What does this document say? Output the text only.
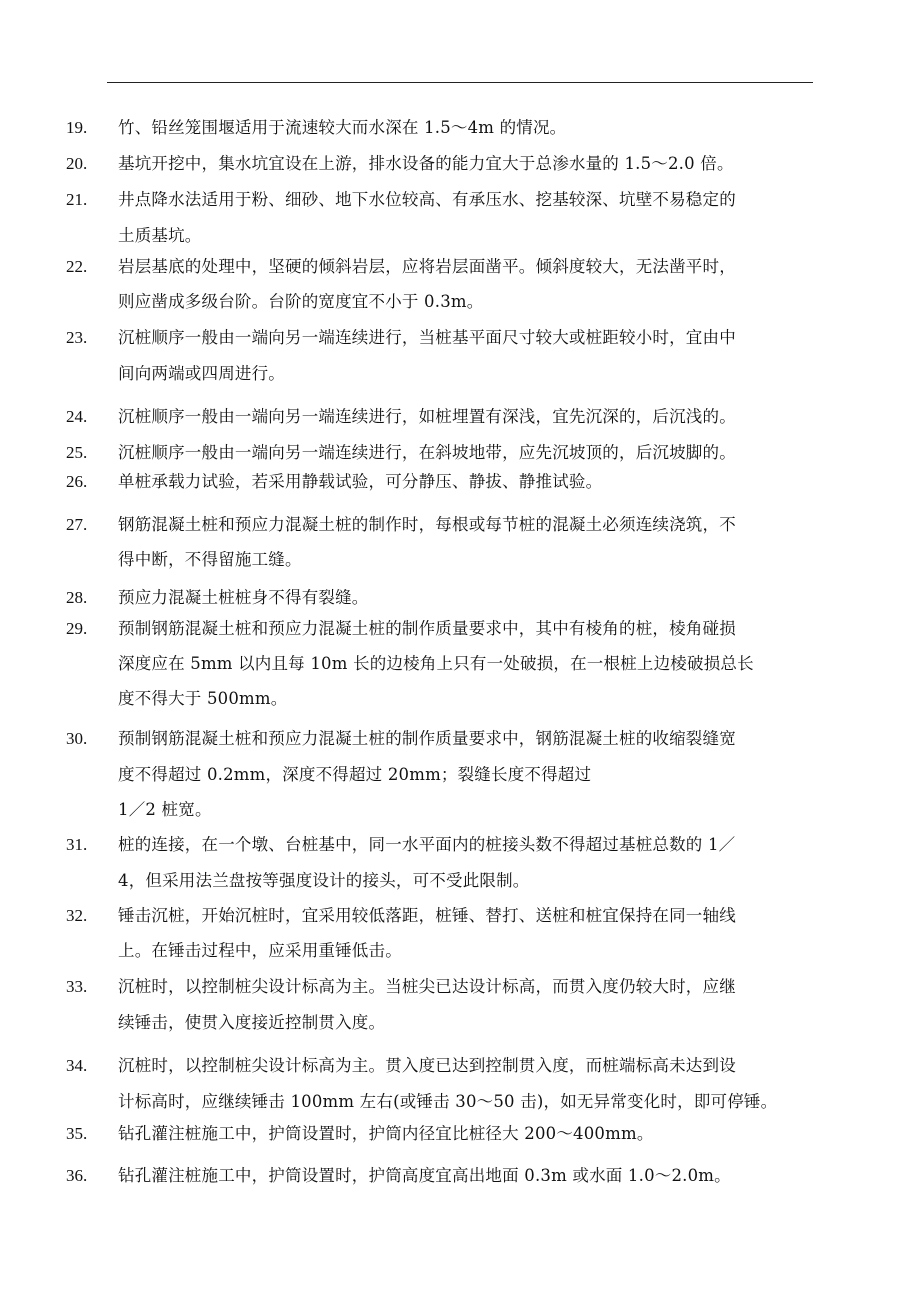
19.	竹、铅丝笼围堰适用于流速较大而水深在 1.5～4m 的情况。
20.	基坑开挖中，集水坑宜设在上游，排水设备的能力宜大于总渗水量的 1.5～2.0 倍。
21.	井点降水法适用于粉、细砂、地下水位较高、有承压水、挖基较深、坑壁不易稳定的
土质基坑。
22.	岩层基底的处理中，坚硬的倾斜岩层，应将岩层面凿平。倾斜度较大，无法凿平时，
则应凿成多级台阶。台阶的宽度宜不小于 0.3m。
23.	沉桩顺序一般由一端向另一端连续进行，当桩基平面尺寸较大或桩距较小时，宜由中
间向两端或四周进行。
24.	沉桩顺序一般由一端向另一端连续进行，如桩埋置有深浅，宜先沉深的，后沉浅的。
25.	沉桩顺序一般由一端向另一端连续进行，在斜坡地带，应先沉坡顶的，后沉坡脚的。
26.	单桩承载力试验，若采用静载试验，可分静压、静拔、静推试验。
27.	钢筋混凝土桩和预应力混凝土桩的制作时，每根或每节桩的混凝土必须连续浇筑，不
得中断，不得留施工缝。
28.	预应力混凝土桩桩身不得有裂缝。
29.	预制钢筋混凝土桩和预应力混凝土桩的制作质量要求中，其中有棱角的桩，棱角碰损
深度应在 5mm 以内且每 10m 长的边棱角上只有一处破损，在一根桩上边棱破损总长
度不得大于 500mm。
30.	预制钢筋混凝土桩和预应力混凝土桩的制作质量要求中，钢筋混凝土桩的收缩裂缝宽
度不得超过 0.2mm，深度不得超过 20mm；裂缝长度不得超过
1／2 桩宽。
31.	桩的连接，在一个墩、台桩基中，同一水平面内的桩接头数不得超过基桩总数的 1／
4，但采用法兰盘按等强度设计的接头，可不受此限制。
32.	锤击沉桩，开始沉桩时，宜采用较低落距，桩锤、替打、送桩和桩宜保持在同一轴线
上。在锤击过程中，应采用重锤低击。
33.	沉桩时，以控制桩尖设计标高为主。当桩尖已达设计标高，而贯入度仍较大时，应继
续锤击，使贯入度接近控制贯入度。
34.	沉桩时，以控制桩尖设计标高为主。贯入度已达到控制贯入度，而桩端标高未达到设
计标高时，应继续锤击 100mm 左右(或锤击 30～50 击)，如无异常变化时，即可停锤。
35.	钻孔灌注桩施工中，护筒设置时，护筒内径宜比桩径大 200～400mm。
36.	钻孔灌注桩施工中，护筒设置时，护筒高度宜高出地面 0.3m 或水面 1.0～2.0m。
